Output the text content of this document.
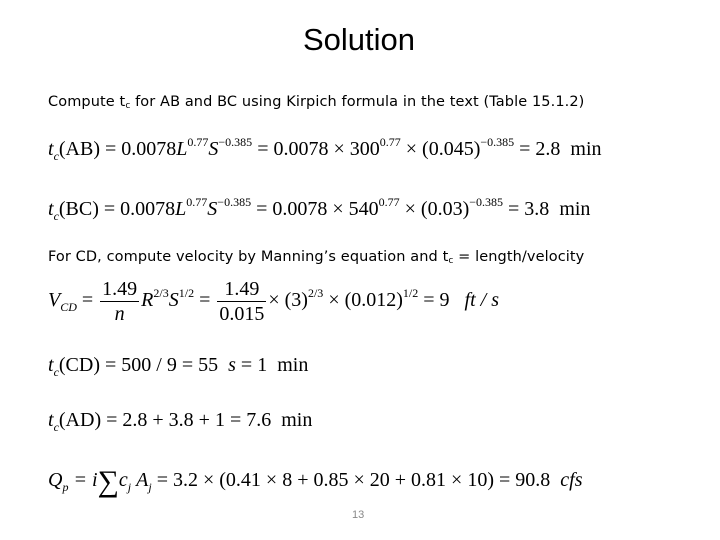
Solution
Compute $t_c$ for AB and BC using Kirpich formula in the text (Table 15.1.2)
$t_c(AB) = 0.0078L^{0.77}S^{-0.385} = 0.0078 \times 300^{0.77} \times (0.045)^{-0.385} = 2.8$ min
$t_c(BC) = 0.0078L^{0.77}S^{-0.385} = 0.0078 \times 540^{0.77} \times (0.03)^{-0.385} = 3.8$ min
For CD, compute velocity by Manning’s equation and $t_c$ = length/velocity
$V_{CD} = \frac{1.49}{n} R^{2/3}S^{1/2} = \frac{1.49}{0.015} \times (3)^{2/3} \times (0.012)^{1/2} = 9$ ft / s
$t_c(CD) = 500 / 9 = 55$ s = 1 min
$t_c(AD) = 2.8 + 3.8 + 1 = 7.6$ min
$Q_p = i\sum c_j$ $A_j = 3.2 \times (0.41 \times 8 + 0.85 \times 20 + 0.81 \times 10) = 90.8$ cfs
13
